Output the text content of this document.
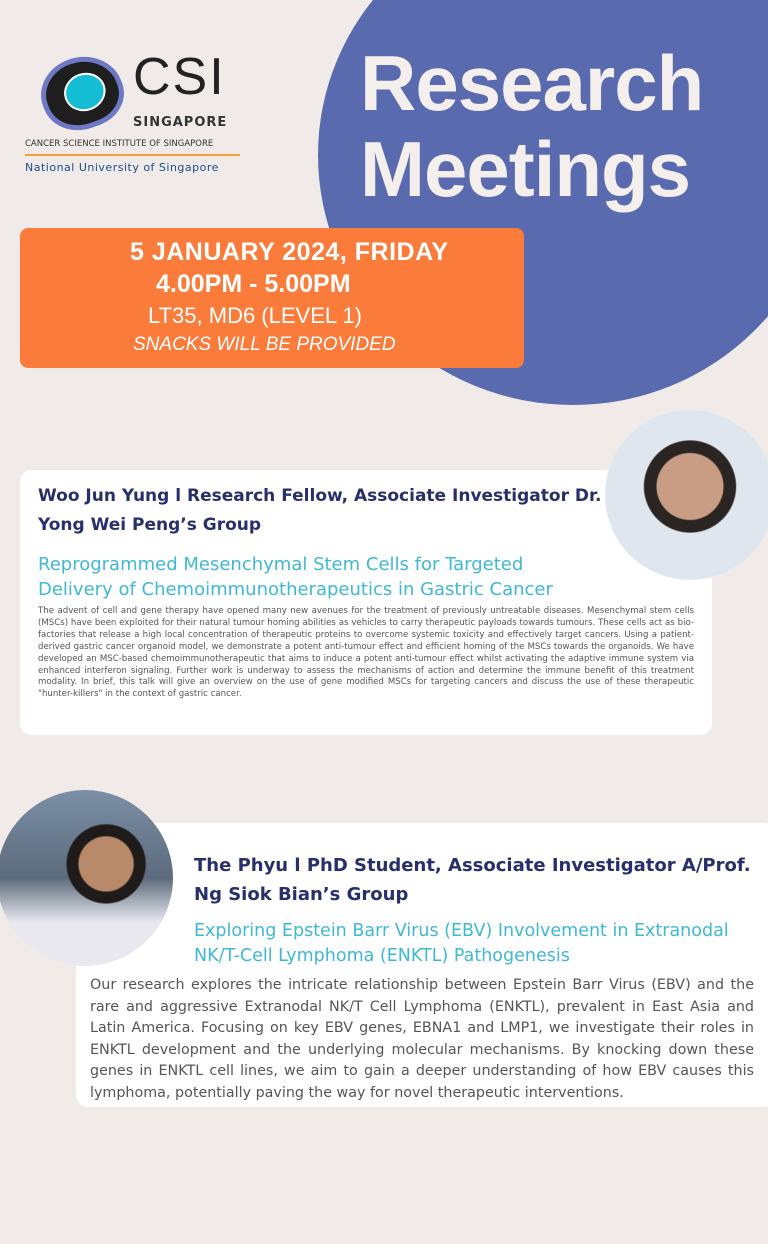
Research
Meetings
CSI
SINGAPORE
CANCER SCIENCE INSTITUTE OF SINGAPORE
National University of Singapore
5 JANUARY 2024, FRIDAY
4.00PM - 5.00PM
LT35, MD6 (LEVEL 1)
SNACKS WILL BE PROVIDED
Woo Jun Yung l Research Fellow, Associate Investigator Dr.
Yong Wei Peng’s Group
Reprogrammed Mesenchymal Stem Cells for Targeted
Delivery of Chemoimmunotherapeutics in Gastric Cancer
The advent of cell and gene therapy have opened many new avenues for the treatment of previously untreatable diseases. Mesenchymal stem cells (MSCs) have been exploited for their natural tumour homing abilities as vehicles to carry therapeutic payloads towards tumours. These cells act as bio-factories that release a high local concentration of therapeutic proteins to overcome systemic toxicity and effectively target cancers. Using a patient-derived gastric cancer organoid model, we demonstrate a potent anti-tumour effect and efficient homing of the MSCs towards the organoids. We have developed an MSC-based chemoimmunotherapeutic that aims to induce a potent anti-tumour effect whilst activating the adaptive immune system via enhanced interferon signaling. Further work is underway to assess the mechanisms of action and determine the immune benefit of this treatment modality. In brief, this talk will give an overview on the use of gene modified MSCs for targeting cancers and discuss the use of these therapeutic "hunter-killers" in the context of gastric cancer.
The Phyu l PhD Student, Associate Investigator A/Prof.
Ng Siok Bian’s Group
Exploring Epstein Barr Virus (EBV) Involvement in Extranodal
NK/T-Cell Lymphoma (ENKTL) Pathogenesis
Our research explores the intricate relationship between Epstein Barr Virus (EBV) and the rare and aggressive Extranodal NK/T Cell Lymphoma (ENKTL), prevalent in East Asia and Latin America. Focusing on key EBV genes, EBNA1 and LMP1, we investigate their roles in ENKTL development and the underlying molecular mechanisms. By knocking down these genes in ENKTL cell lines, we aim to gain a deeper understanding of how EBV causes this lymphoma, potentially paving the way for novel therapeutic interventions.
